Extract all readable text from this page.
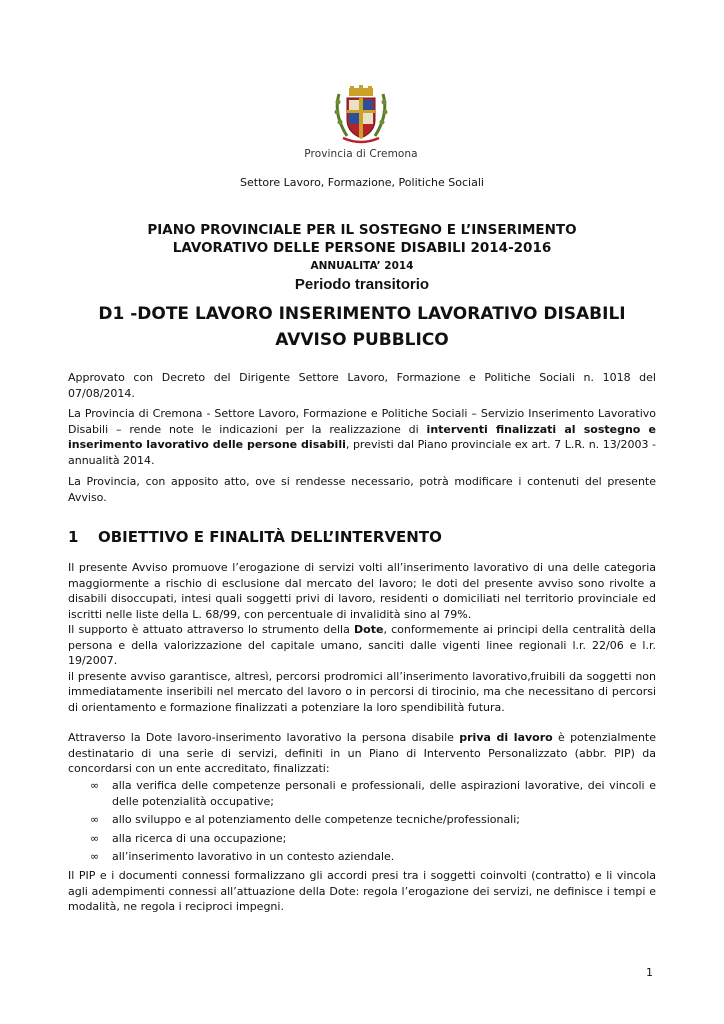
Provincia di Cremona
Settore Lavoro, Formazione, Politiche Sociali
PIANO PROVINCIALE PER IL SOSTEGNO E L’INSERIMENTO
LAVORATIVO DELLE PERSONE DISABILI 2014-2016
ANNUALITA’ 2014
Periodo transitorio
D1 -DOTE LAVORO INSERIMENTO LAVORATIVO DISABILI
AVVISO PUBBLICO

Approvato con Decreto del Dirigente Settore Lavoro, Formazione e Politiche Sociali n. 1018 del 07/08/2014.

La Provincia di Cremona - Settore Lavoro, Formazione e Politiche Sociali – Servizio Inserimento Lavorativo Disabili – rende note le indicazioni per la realizzazione di interventi finalizzati al sostegno e inserimento lavorativo delle persone disabili, previsti dal Piano provinciale ex art. 7 L.R. n. 13/2003 - annualità 2014.

La Provincia, con apposito atto, ove si rendesse necessario, potrà modificare i contenuti del presente Avviso.

1 OBIETTIVO E FINALITÀ DELL’INTERVENTO
Il presente Avviso promuove l’erogazione di servizi volti all’inserimento lavorativo di una delle categoria maggiormente a rischio di esclusione dal mercato del lavoro; le doti del presente avviso sono rivolte a disabili disoccupati, intesi quali soggetti privi di lavoro, residenti o domiciliati nel territorio provinciale ed iscritti nelle liste della L. 68/99, con percentuale di invalidità sino al 79%.
Il supporto è attuato attraverso lo strumento della Dote, conformemente ai principi della centralità della persona e della valorizzazione del capitale umano, sanciti dalle vigenti linee regionali l.r. 22/06 e l.r. 19/2007.
il presente avviso garantisce, altresì, percorsi prodromici all’inserimento lavorativo,fruibili da soggetti non immediatamente inseribili nel mercato del lavoro o in percorsi di tirocinio, ma che necessitano di percorsi di orientamento e formazione finalizzati a potenziare la loro spendibilità futura.

Attraverso la Dote lavoro-inserimento lavorativo la persona disabile priva di lavoro è potenzialmente destinatario di una serie di servizi, definiti in un Piano di Intervento Personalizzato (abbr. PIP) da concordarsi con un ente accreditato, finalizzati:

∞ alla verifica delle competenze personali e professionali, delle aspirazioni lavorative, dei vincoli e delle potenzialità occupative;
∞ allo sviluppo e al potenziamento delle competenze tecniche/professionali;
∞ alla ricerca di una occupazione;
∞ all’inserimento lavorativo in un contesto aziendale.

Il PIP e i documenti connessi formalizzano gli accordi presi tra i soggetti coinvolti (contratto) e li vincola agli adempimenti connessi all’attuazione della Dote: regola l’erogazione dei servizi, ne definisce i tempi e modalità, ne regola i reciproci impegni.

1
